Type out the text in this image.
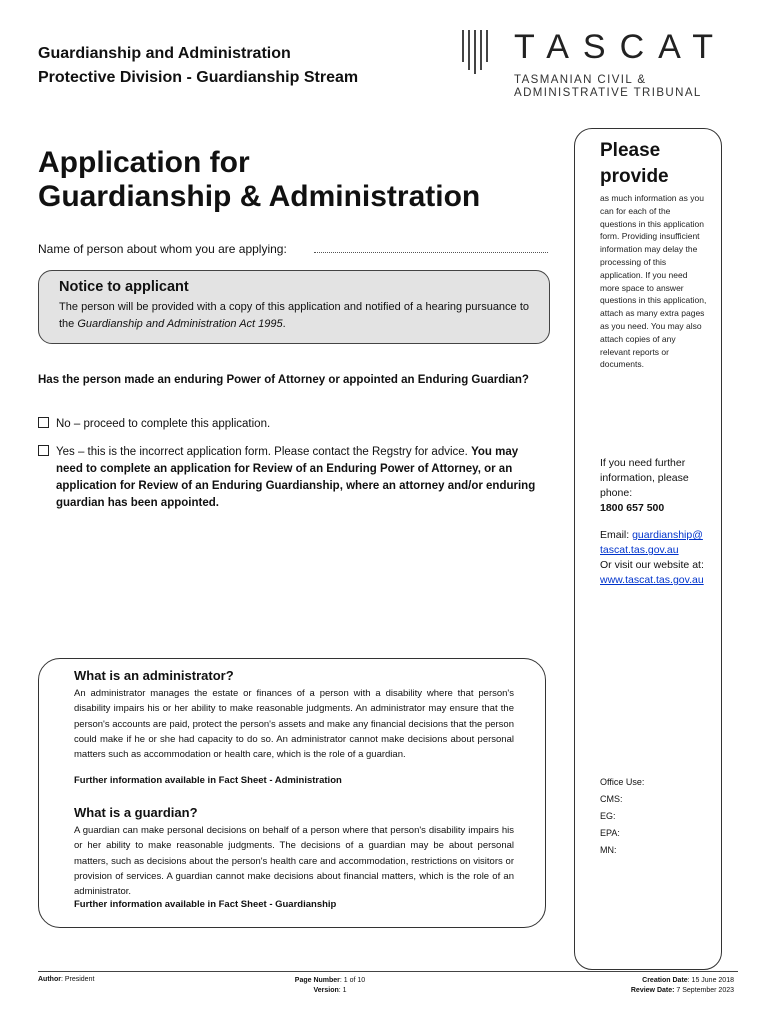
Guardianship and Administration
Protective Division - Guardianship Stream
TASCAT
TASMANIAN CIVIL &
ADMINISTRATIVE TRIBUNAL
Application for
Guardianship & Administration
Name of person about whom you are applying:
Notice to applicant

The person will be provided with a copy of this application and notified of a hearing pursuance to the Guardianship and Administration Act 1995.

Has the person made an enduring Power of Attorney or appointed an Enduring Guardian?
No – proceed to complete this application.
Yes – this is the incorrect application form. Please contact the Regstry for advice. You may
need to complete an application for Review of an Enduring Power of Attorney, or an application for Review of an Enduring Guardianship, where an attorney and/or enduring guardian has been appointed.
Please
provide
as much information as you can for each of the questions in this application form. Providing insufficient information may delay the processing of this application. If you need more space to answer questions in this application, attach as many extra pages as you need. You may also attach copies of any relevant reports or documents.
If you need further information, please phone:
1800 657 500
Email: guardianship@
tascat.tas.gov.au
Or visit our website at:
www.tascat.tas.gov.au
Office Use:
CMS:
EG:
EPA:
MN:
What is an administrator?
An administrator manages the estate or finances of a person with a disability where that person's disability impairs his or her ability to make reasonable judgments. An administrator may ensure that the person's accounts are paid, protect the person's assets and make any financial decisions that the person could make if he or she had capacity to do so. An administrator cannot make decisions about personal matters such as accommodation or health care, which is the role of a guardian.
Further information available in Fact Sheet - Administration
What is a guardian?
A guardian can make personal decisions on behalf of a person where that person's disability impairs his or her ability to make reasonable judgments. The decisions of a guardian may be about personal matters, such as decisions about the person's health care and accommodation, restrictions on visitors or provision of services. A guardian cannot make decisions about financial matters, which is the role of an administrator.
Further information available in Fact Sheet - Guardianship
Author: President	Page Number: 1 of 10
Version: 1
Creation Date: 15 June 2018
Review Date: 7 September 2023
